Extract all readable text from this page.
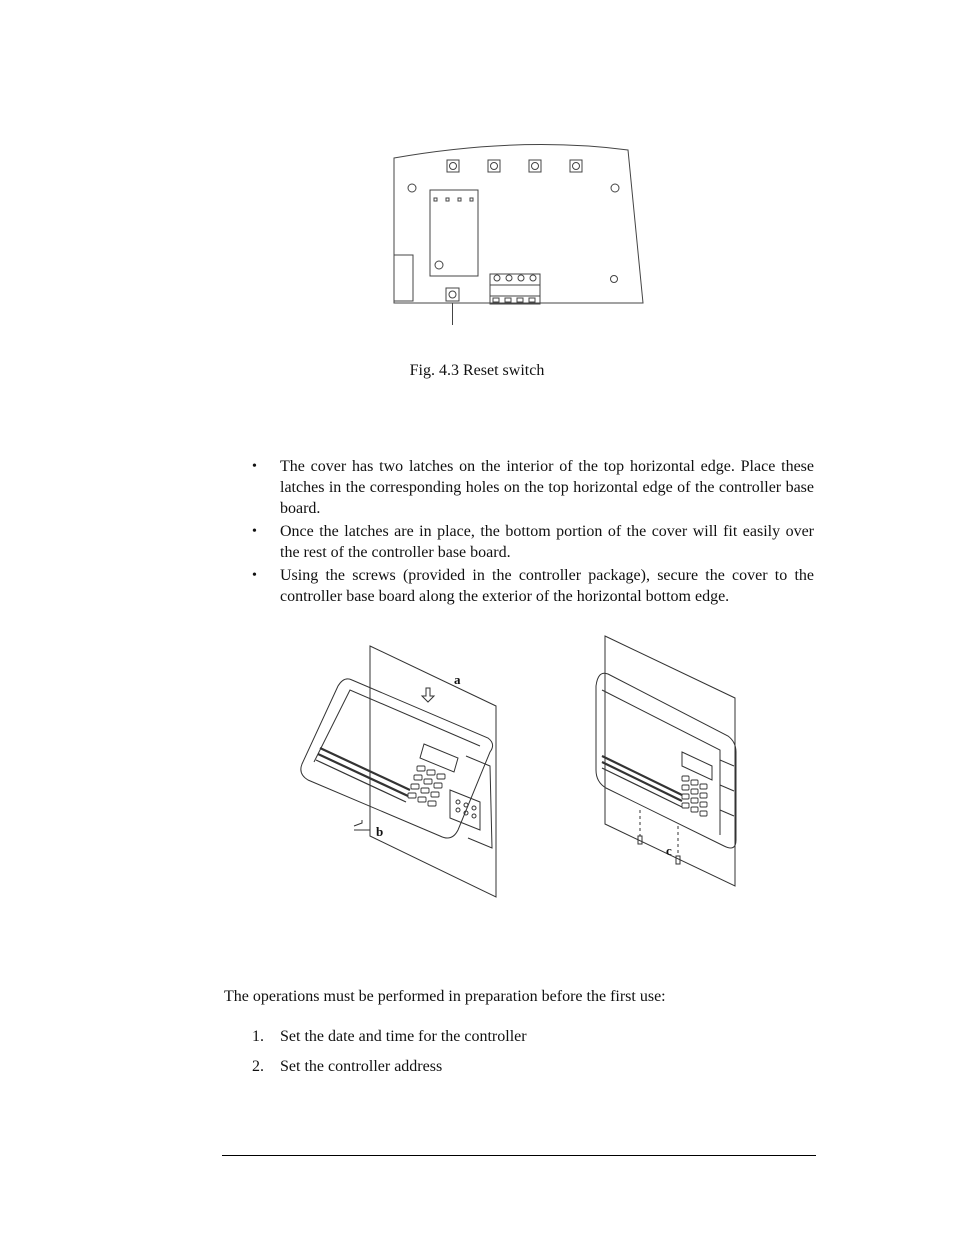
Fig. 4.3 Reset switch
• The cover has two latches on the interior of the top horizontal edge. Place these latches in the corresponding holes on the top horizontal edge of the controller base board.
• Once the latches are in place, the bottom portion of the cover will fit easily over the rest of the controller base board.
• Using the screws (provided in the controller package), secure the cover to the controller base board along the exterior of the horizontal bottom edge.
a
b
c
The operations must be performed in preparation before the first use:
1. Set the date and time for the controller
2. Set the controller address
